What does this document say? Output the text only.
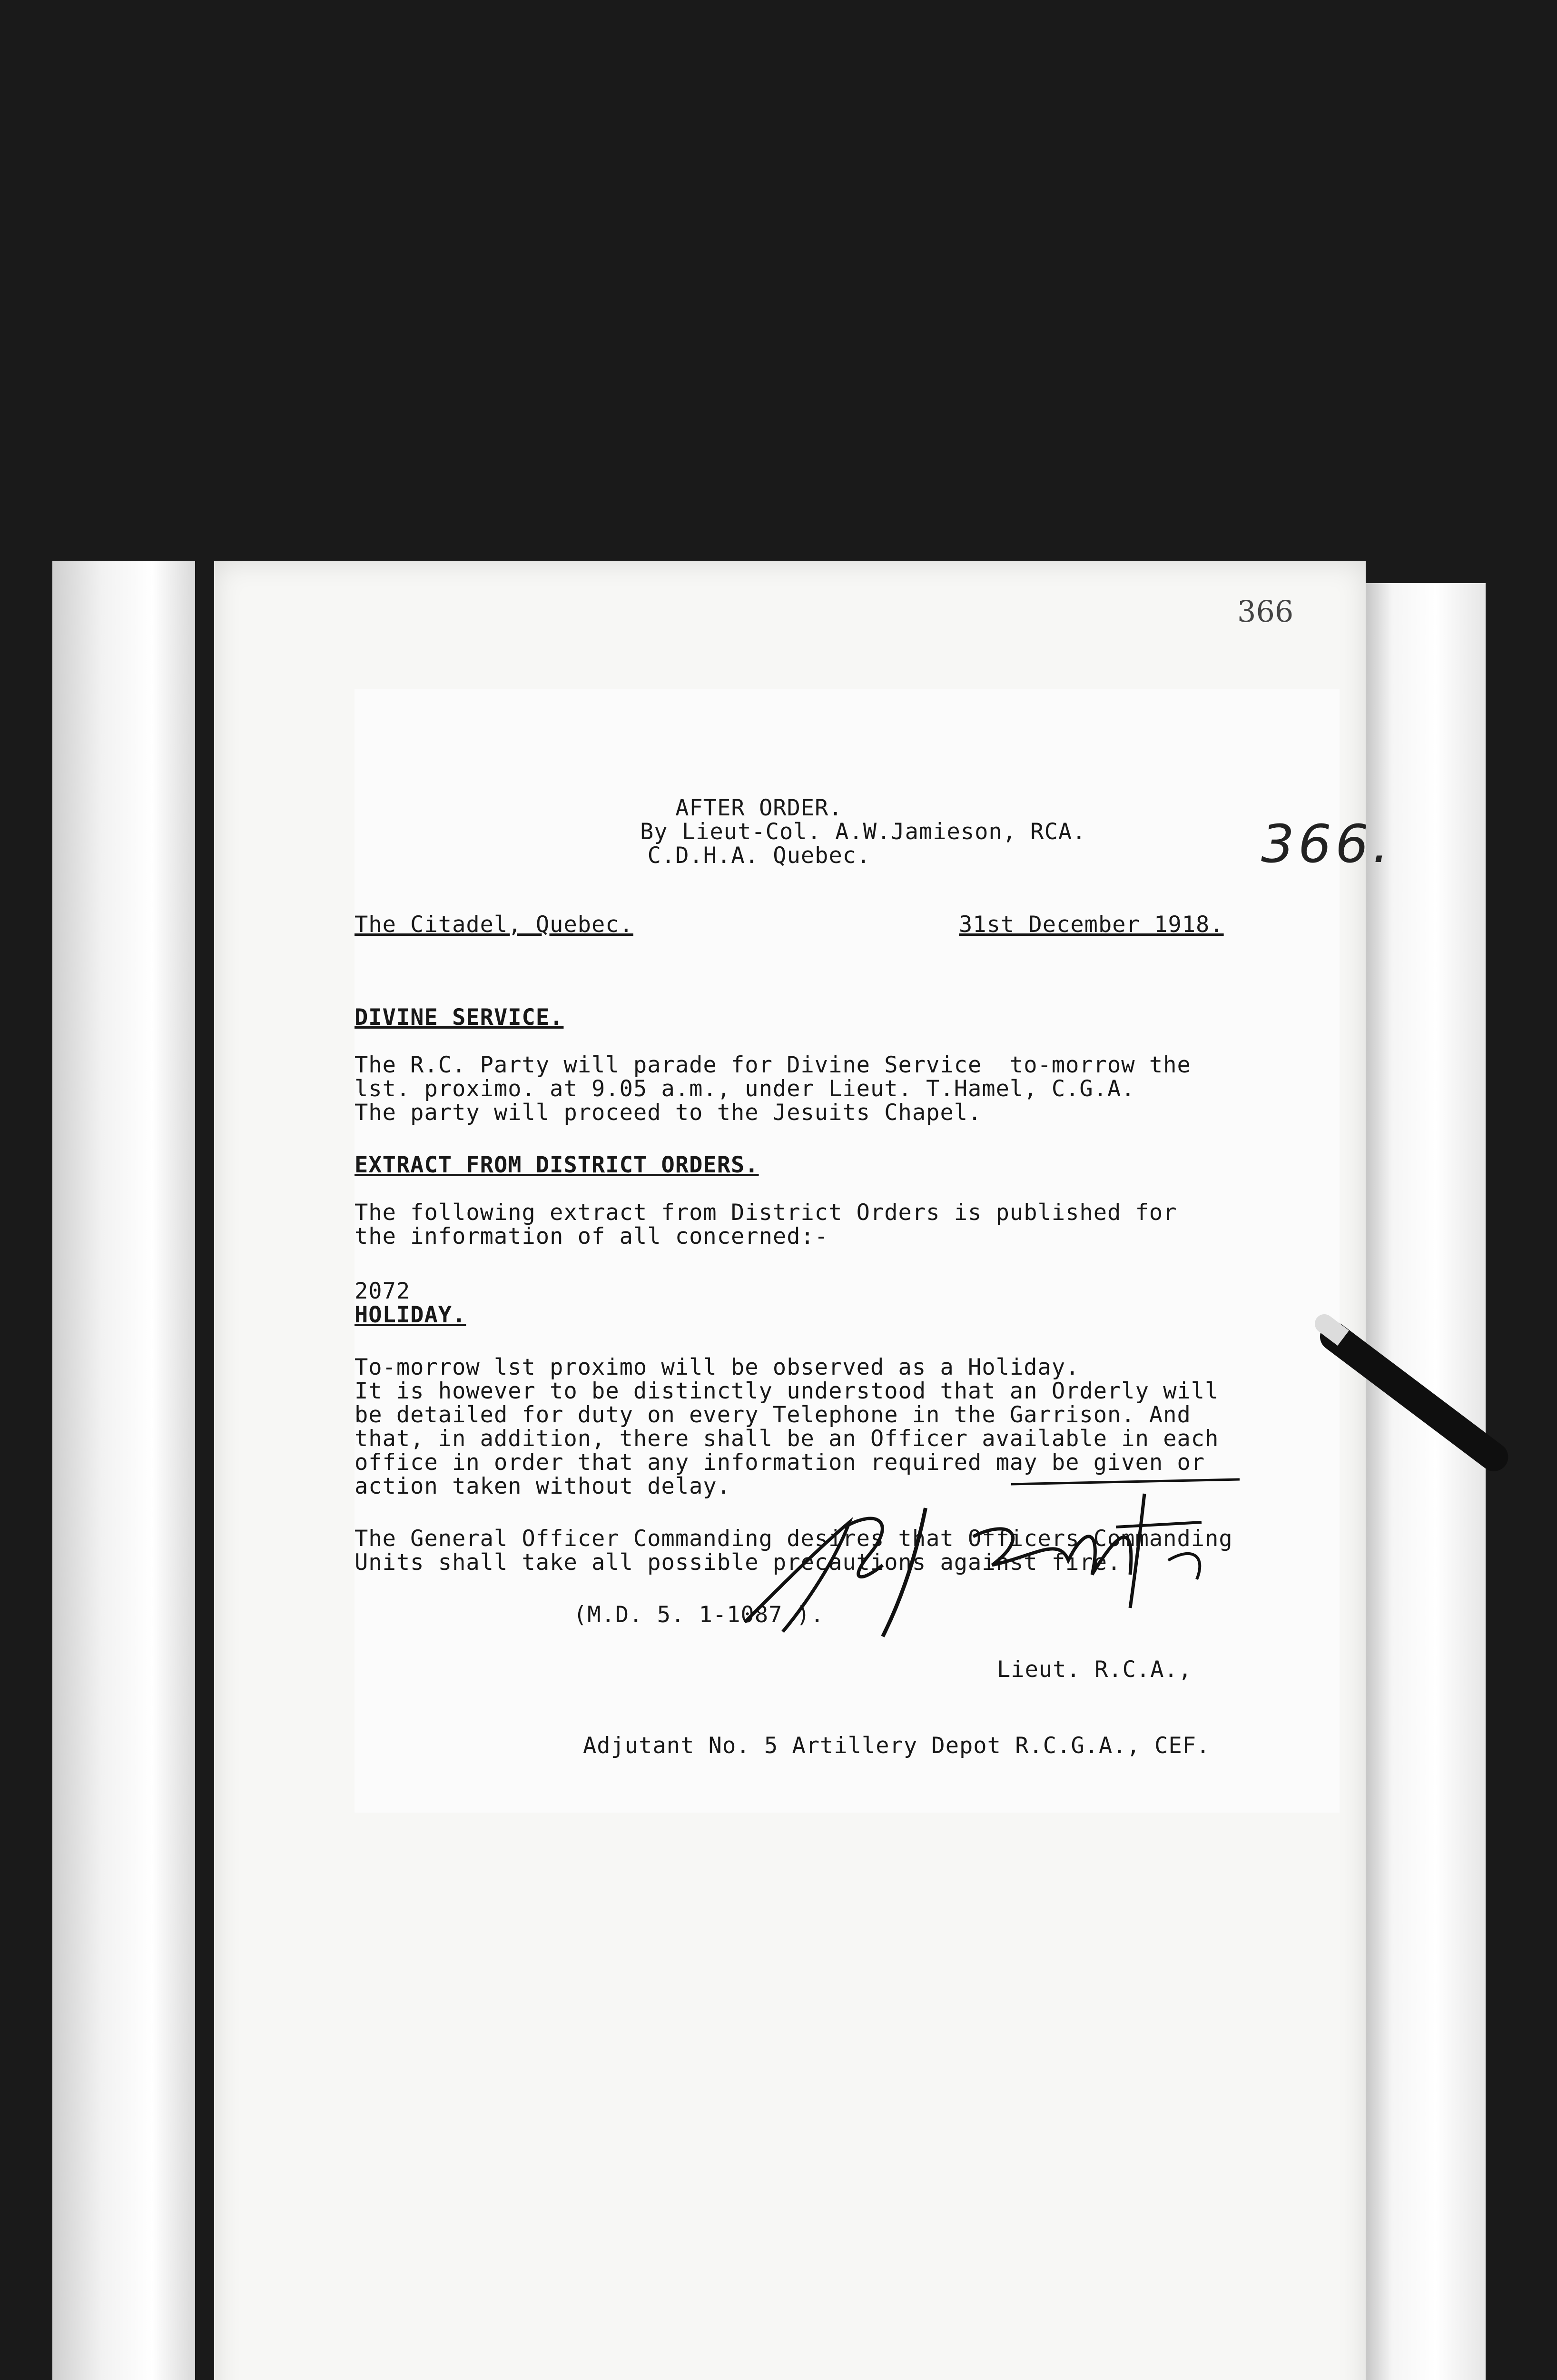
366
366.
AFTER ORDER.
By Lieut-Col. A.W.Jamieson, RCA.
C.D.H.A. Quebec.
The Citadel, Quebec.	31st December 1918.
DIVINE SERVICE.
The R.C. Party will parade for Divine Service  to-morrow the
lst. proximo. at 9.05 a.m., under Lieut. T.Hamel, C.G.A.
The party will proceed to the Jesuits Chapel.
EXTRACT FROM DISTRICT ORDERS.
The following extract from District Orders is published for
the information of all concerned:-
2072
HOLIDAY.
To-morrow lst proximo will be observed as a Holiday.
It is however to be distinctly understood that an Orderly will
be detailed for duty on every Telephone in the Garrison. And
that, in addition, there shall be an Officer available in each
office in order that any information required may be given or
action taken without delay.
The General Officer Commanding desires that Officers Commanding
Units shall take all possible precautions against fire.
(M.D. 5. 1-1087 ).
Lieut. R.C.A.,
Adjutant No. 5 Artillery Depot R.C.G.A., CEF.
